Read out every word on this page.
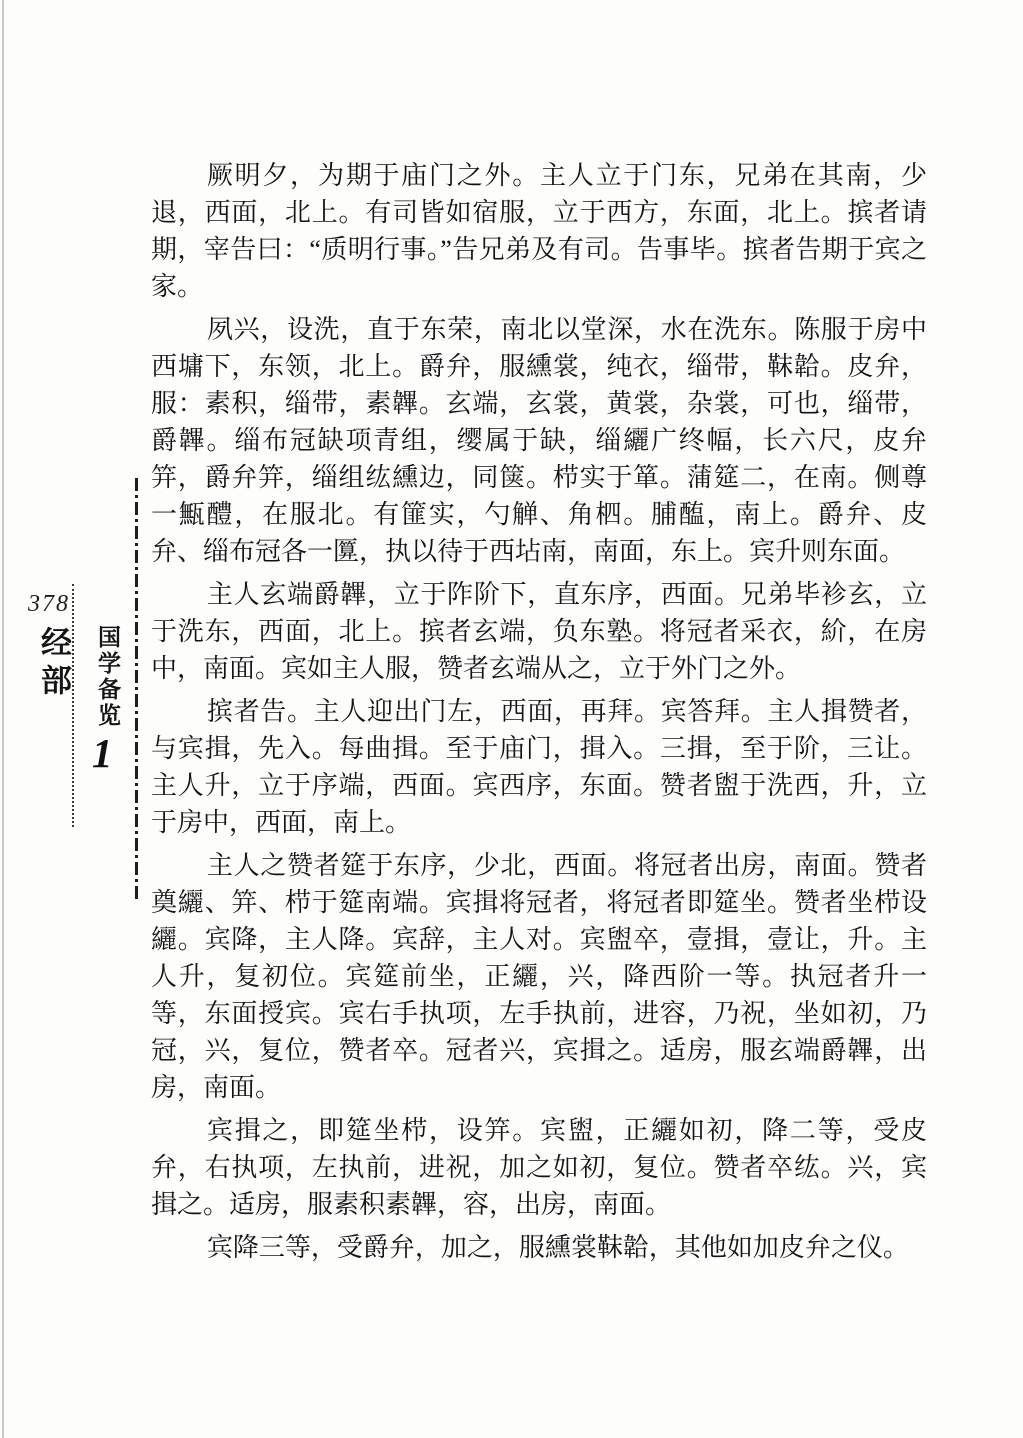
378
经部 国学备览
1

厥明夕，为期于庙门之外。主人立于门东，兄弟在其南，少退，西面，北上。有司皆如宿服，立于西方，东面，北上。摈者请期，宰告曰：“质明行事。”告兄弟及有司。告事毕。摈者告期于宾之家。

夙兴，设洗，直于东荣，南北以堂深，水在洗东。陈服于房中西墉下，东领，北上。爵弁，服纁裳，纯衣，缁带，靺韐。皮弁，服：素积，缁带，素韠。玄端，玄裳，黄裳，杂裳，可也，缁带，爵韠。缁布冠缺项青组，缨属于缺，缁纚广终幅，长六尺，皮弁笄，爵弁笄，缁组纮纁边，同箧。栉实于箪。蒲筵二，在南。侧尊一甒醴，在服北。有篚实，勺觯、角柶。脯醢，南上。爵弁、皮弁、缁布冠各一匴，执以待于西坫南，南面，东上。宾升则东面。

主人玄端爵韠，立于阼阶下，直东序，西面。兄弟毕袗玄，立于洗东，西面，北上。摈者玄端，负东塾。将冠者采衣，紒，在房中，南面。宾如主人服，赞者玄端从之，立于外门之外。

摈者告。主人迎出门左，西面，再拜。宾答拜。主人揖赞者，与宾揖，先入。每曲揖。至于庙门，揖入。三揖，至于阶，三让。主人升，立于序端，西面。宾西序，东面。赞者盥于洗西，升，立于房中，西面，南上。

主人之赞者筵于东序，少北，西面。将冠者出房，南面。赞者奠纚、笄、栉于筵南端。宾揖将冠者，将冠者即筵坐。赞者坐栉设纚。宾降，主人降。宾辞，主人对。宾盥卒，壹揖，壹让，升。主人升，复初位。宾筵前坐，正纚，兴，降西阶一等。执冠者升一等，东面授宾。宾右手执项，左手执前，进容，乃祝，坐如初，乃冠，兴，复位，赞者卒。冠者兴，宾揖之。适房，服玄端爵韠，出房，南面。

宾揖之，即筵坐栉，设笄。宾盥，正纚如初，降二等，受皮弁，右执项，左执前，进祝，加之如初，复位。赞者卒纮。兴，宾揖之。适房，服素积素韠，容，出房，南面。

宾降三等，受爵弁，加之，服纁裳靺韐，其他如加皮弁之仪。
